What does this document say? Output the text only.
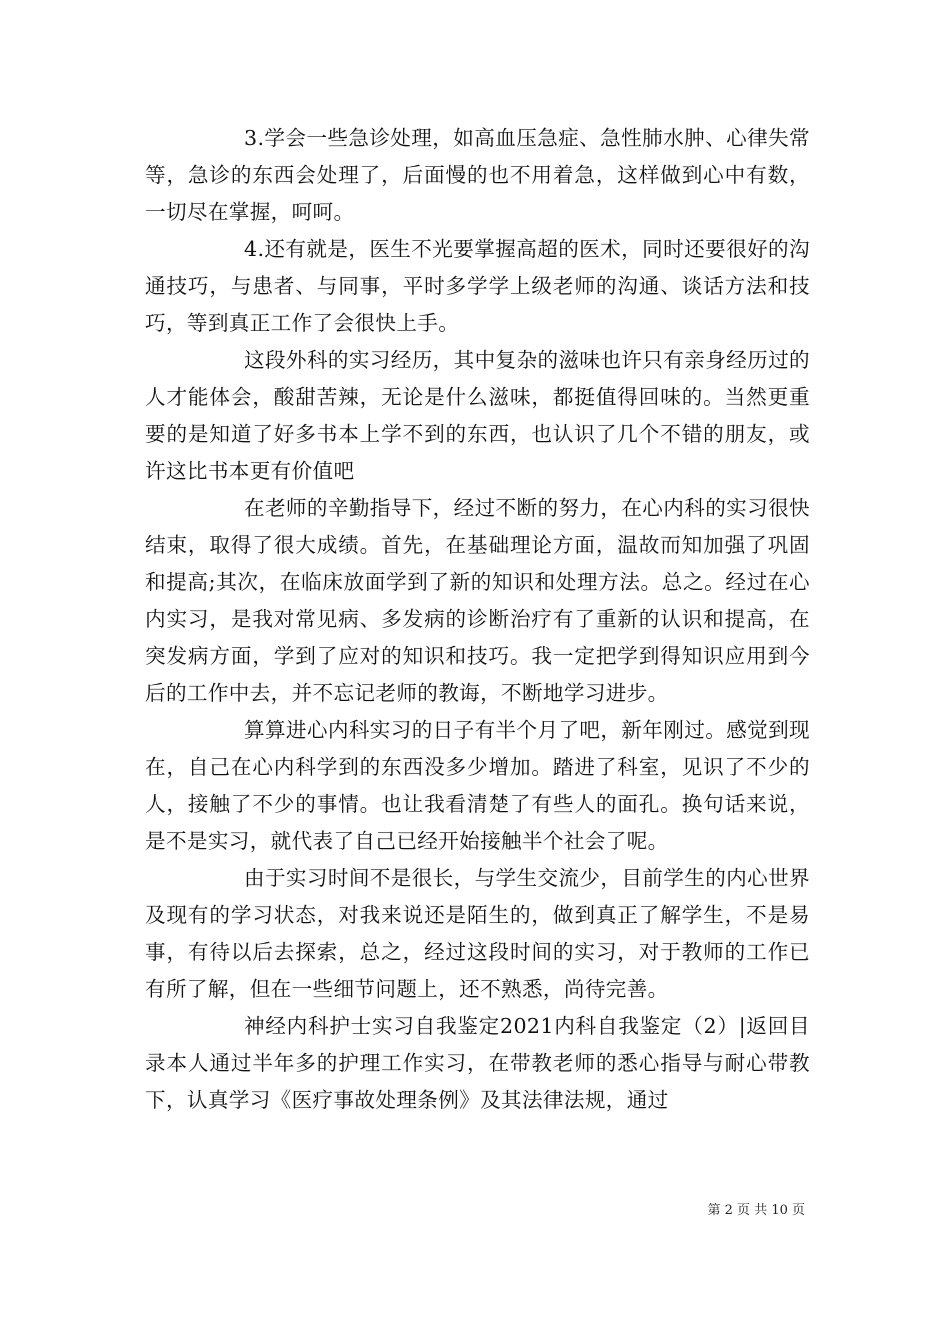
3.学会一些急诊处理，如高血压急症、急性肺水肿、心律失常等，急诊的东西会处理了，后面慢的也不用着急，这样做到心中有数，一切尽在掌握，呵呵。

4.还有就是，医生不光要掌握高超的医术，同时还要很好的沟通技巧，与患者、与同事，平时多学学上级老师的沟通、谈话方法和技巧，等到真正工作了会很快上手。

这段外科的实习经历，其中复杂的滋味也许只有亲身经历过的人才能体会，酸甜苦辣，无论是什么滋味，都挺值得回味的。当然更重要的是知道了好多书本上学不到的东西，也认识了几个不错的朋友，或许这比书本更有价值吧

在老师的辛勤指导下，经过不断的努力，在心内科的实习很快结束，取得了很大成绩。首先，在基础理论方面，温故而知加强了巩固和提高;其次，在临床放面学到了新的知识和处理方法。总之。经过在心内实习，是我对常见病、多发病的诊断治疗有了重新的认识和提高，在突发病方面，学到了应对的知识和技巧。我一定把学到得知识应用到今后的工作中去，并不忘记老师的教诲，不断地学习进步。

算算进心内科实习的日子有半个月了吧，新年刚过。感觉到现在，自己在心内科学到的东西没多少增加。踏进了科室，见识了不少的人，接触了不少的事情。也让我看清楚了有些人的面孔。换句话来说，是不是实习，就代表了自己已经开始接触半个社会了呢。

由于实习时间不是很长，与学生交流少，目前学生的内心世界及现有的学习状态，对我来说还是陌生的，做到真正了解学生，不是易事，有待以后去探索，总之，经过这段时间的实习，对于教师的工作已有所了解，但在一些细节问题上，还不熟悉，尚待完善。

神经内科护士实习自我鉴定2021内科自我鉴定（2）|返回目录本人通过半年多的护理工作实习，在带教老师的悉心指导与耐心带教下，认真学习《医疗事故处理条例》及其法律法规，通过

第 2 页 共 10 页
